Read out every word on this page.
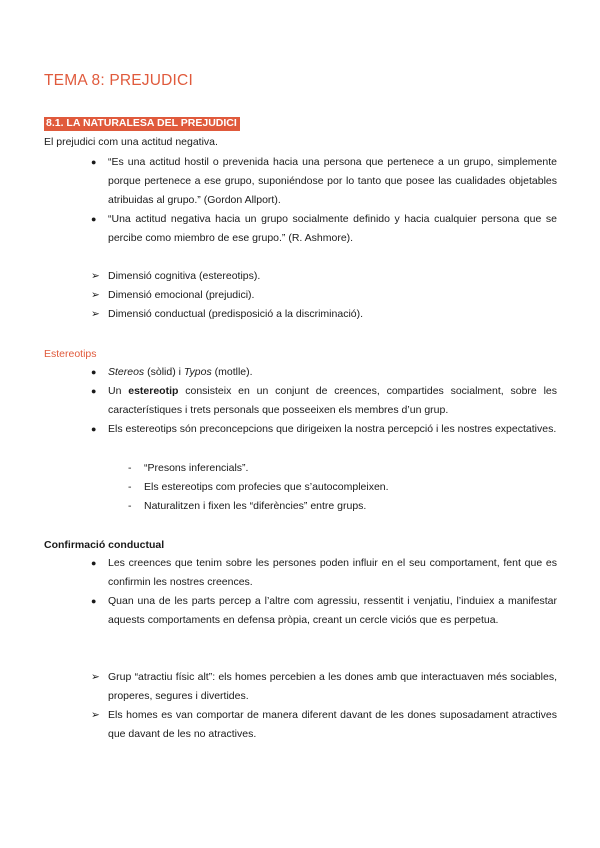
TEMA 8: PREJUDICI
8.1. LA NATURALESA DEL PREJUDICI
El prejudici com una actitud negativa.
● “Es una actitud hostil o prevenida hacia una persona que pertenece a un grupo, simplemente porque pertenece a ese grupo, suponiéndose por lo tanto que posee las cualidades objetables atribuidas al grupo.” (Gordon Allport).
● “Una actitud negativa hacia un grupo socialmente definido y hacia cualquier persona que se percibe como miembro de ese grupo.” (R. Ashmore).
➢ Dimensió cognitiva (estereotips).
➢ Dimensió emocional (prejudici).
➢ Dimensió conductual (predisposició a la discriminació).
Estereotips
● Stereos (sòlid) i Typos (motlle).
● Un estereotip consisteix en un conjunt de creences, compartides socialment, sobre les característiques i trets personals que posseeixen els membres d’un grup.
● Els estereotips són preconcepcions que dirigeixen la nostra percepció i les nostres expectatives.
- “Presons inferencials”.
- Els estereotips com profecies que s’autocompleixen.
- Naturalitzen i fixen les “diferències” entre grups.
Confirmació conductual
● Les creences que tenim sobre les persones poden influir en el seu comportament, fent que es confirmin les nostres creences.
● Quan una de les parts percep a l’altre com agressiu, ressentit i venjatiu, l’induiex a manifestar aquests comportaments en defensa pròpia, creant un cercle viciós que es perpetua.
➢ Grup “atractiu físic alt”: els homes percebien a les dones amb que interactuaven més sociables, properes, segures i divertides.
➢ Els homes es van comportar de manera diferent davant de les dones suposadament atractives que davant de les no atractives.
